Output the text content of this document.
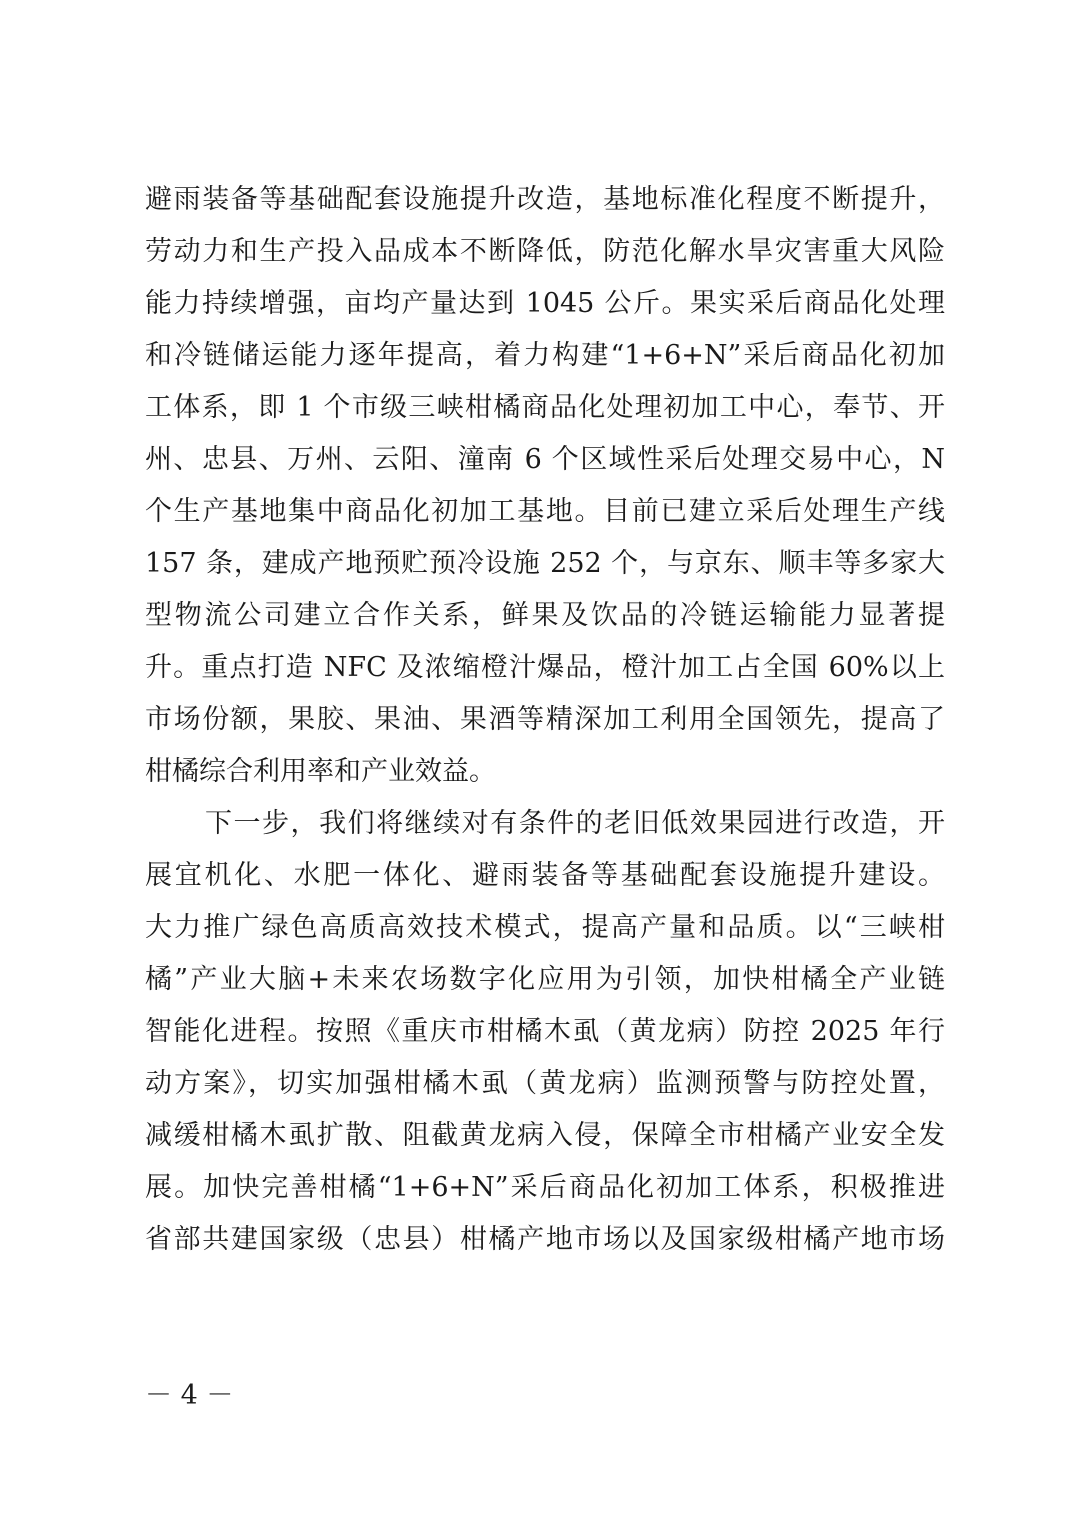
避雨装备等基础配套设施提升改造，基地标准化程度不断提升，
劳动力和生产投入品成本不断降低，防范化解水旱灾害重大风险
能力持续增强，亩均产量达到 1045 公斤。果实采后商品化处理
和冷链储运能力逐年提高，着力构建“1+6+N”采后商品化初加
工体系，即 1 个市级三峡柑橘商品化处理初加工中心，奉节、开
州、忠县、万州、云阳、潼南 6 个区域性采后处理交易中心，N
个生产基地集中商品化初加工基地。目前已建立采后处理生产线
157 条，建成产地预贮预冷设施 252 个，与京东、顺丰等多家大
型物流公司建立合作关系，鲜果及饮品的冷链运输能力显著提
升。重点打造 NFC 及浓缩橙汁爆品，橙汁加工占全国 60%以上
市场份额，果胶、果油、果酒等精深加工利用全国领先，提高了
柑橘综合利用率和产业效益。
下一步，我们将继续对有条件的老旧低效果园进行改造，开
展宜机化、水肥一体化、避雨装备等基础配套设施提升建设。
大力推广绿色高质高效技术模式，提高产量和品质。以“三峡柑
橘”产业大脑+未来农场数字化应用为引领，加快柑橘全产业链
智能化进程。按照《重庆市柑橘木虱（黄龙病）防控 2025 年行
动方案》，切实加强柑橘木虱（黄龙病）监测预警与防控处置，
减缓柑橘木虱扩散、阻截黄龙病入侵，保障全市柑橘产业安全发
展。加快完善柑橘“1+6+N”采后商品化初加工体系，积极推进
省部共建国家级（忠县）柑橘产地市场以及国家级柑橘产地市场
－ 4 －
